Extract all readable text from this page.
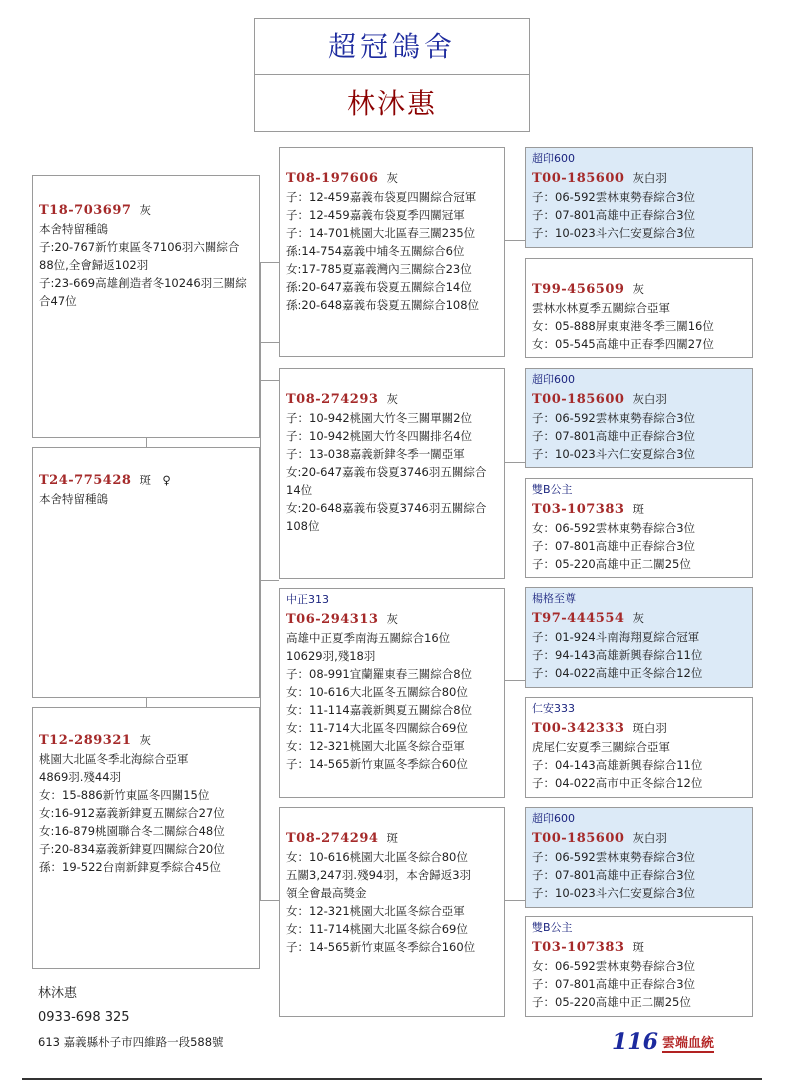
超冠鴿舍
林沐惠
T18-703697 灰
本舍特留種鴿
子:20-767新竹東區冬7106羽六關綜合88位,全會歸返102羽
子:23-669高雄創造者冬10246羽三關綜合47位
T24-775428 斑　♀
本舍特留種鴿
T12-289321 灰
桃園大北區冬季北海綜合亞軍
4869羽.殘44羽
女：15-886新竹東區冬四關15位
女:16-912嘉義新銉夏五關綜合27位
女:16-879桃園聯合冬二關綜合48位
子:20-834嘉義新銉夏四關綜合20位
孫：19-522台南新銉夏季綜合45位
T08-197606 灰
子：12-459嘉義布袋夏四關綜合冠軍
子：12-459嘉義布袋夏季四關冠軍
子：14-701桃園大北區春三關235位
孫:14-754嘉義中埔冬五關綜合6位
女:17-785夏嘉義灣內三關綜合23位
孫:20-647嘉義布袋夏五關綜合14位
孫:20-648嘉義布袋夏五關綜合108位
T08-274293 灰
子：10-942桃園大竹冬三關單關2位
子：10-942桃園大竹冬四關排名4位
子：13-038嘉義新銉冬季一關亞軍
女:20-647嘉義布袋夏3746羽五關綜合14位
女:20-648嘉義布袋夏3746羽五關綜合108位
中正313
T06-294313 灰
高雄中正夏季南海五關綜合16位
10629羽,殘18羽
子：08-991宜蘭羅東春三關綜合8位
女：10-616大北區冬五關綜合80位
女：11-114嘉義新興夏五關綜合8位
女：11-714大北區冬四關綜合69位
女：12-321桃園大北區冬綜合亞軍
子：14-565新竹東區冬季綜合60位
T08-274294 斑
女：10-616桃園大北區冬綜合80位
五關3,247羽.殘94羽，本舍歸返3羽
領全會最高獎金
女：12-321桃園大北區冬綜合亞軍
女：11-714桃園大北區冬綜合69位
子：14-565新竹東區冬季綜合160位
超印600
T00-185600 灰白羽
子：06-592雲林東勢春綜合3位
子：07-801高雄中正春綜合3位
子：10-023斗六仁安夏綜合3位
T99-456509 灰
雲林水林夏季五關綜合亞軍
女：05-888屏東東港冬季三關16位
女：05-545高雄中正春季四關27位
超印600
T00-185600 灰白羽
子：06-592雲林東勢春綜合3位
子：07-801高雄中正春綜合3位
子：10-023斗六仁安夏綜合3位
雙B公主
T03-107383 斑
女：06-592雲林東勢春綜合3位
子：07-801高雄中正春綜合3位
子：05-220高雄中正二關25位
楊格至尊
T97-444554 灰
子：01-924斗南海翔夏綜合冠軍
子：94-143高雄新興春綜合11位
子：04-022高雄中正冬綜合12位
仁安333
T00-342333 斑白羽
虎尾仁安夏季三關綜合亞軍
子：04-143高雄新興春綜合11位
子：04-022高市中正冬綜合12位
超印600
T00-185600 灰白羽
子：06-592雲林東勢春綜合3位
子：07-801高雄中正春綜合3位
子：10-023斗六仁安夏綜合3位
雙B公主
T03-107383 斑
女：06-592雲林東勢春綜合3位
子：07-801高雄中正春綜合3位
子：05-220高雄中正二關25位
林沐惠
0933-698 325
613 嘉義縣朴子市四維路一段588號	116 雲端血統
